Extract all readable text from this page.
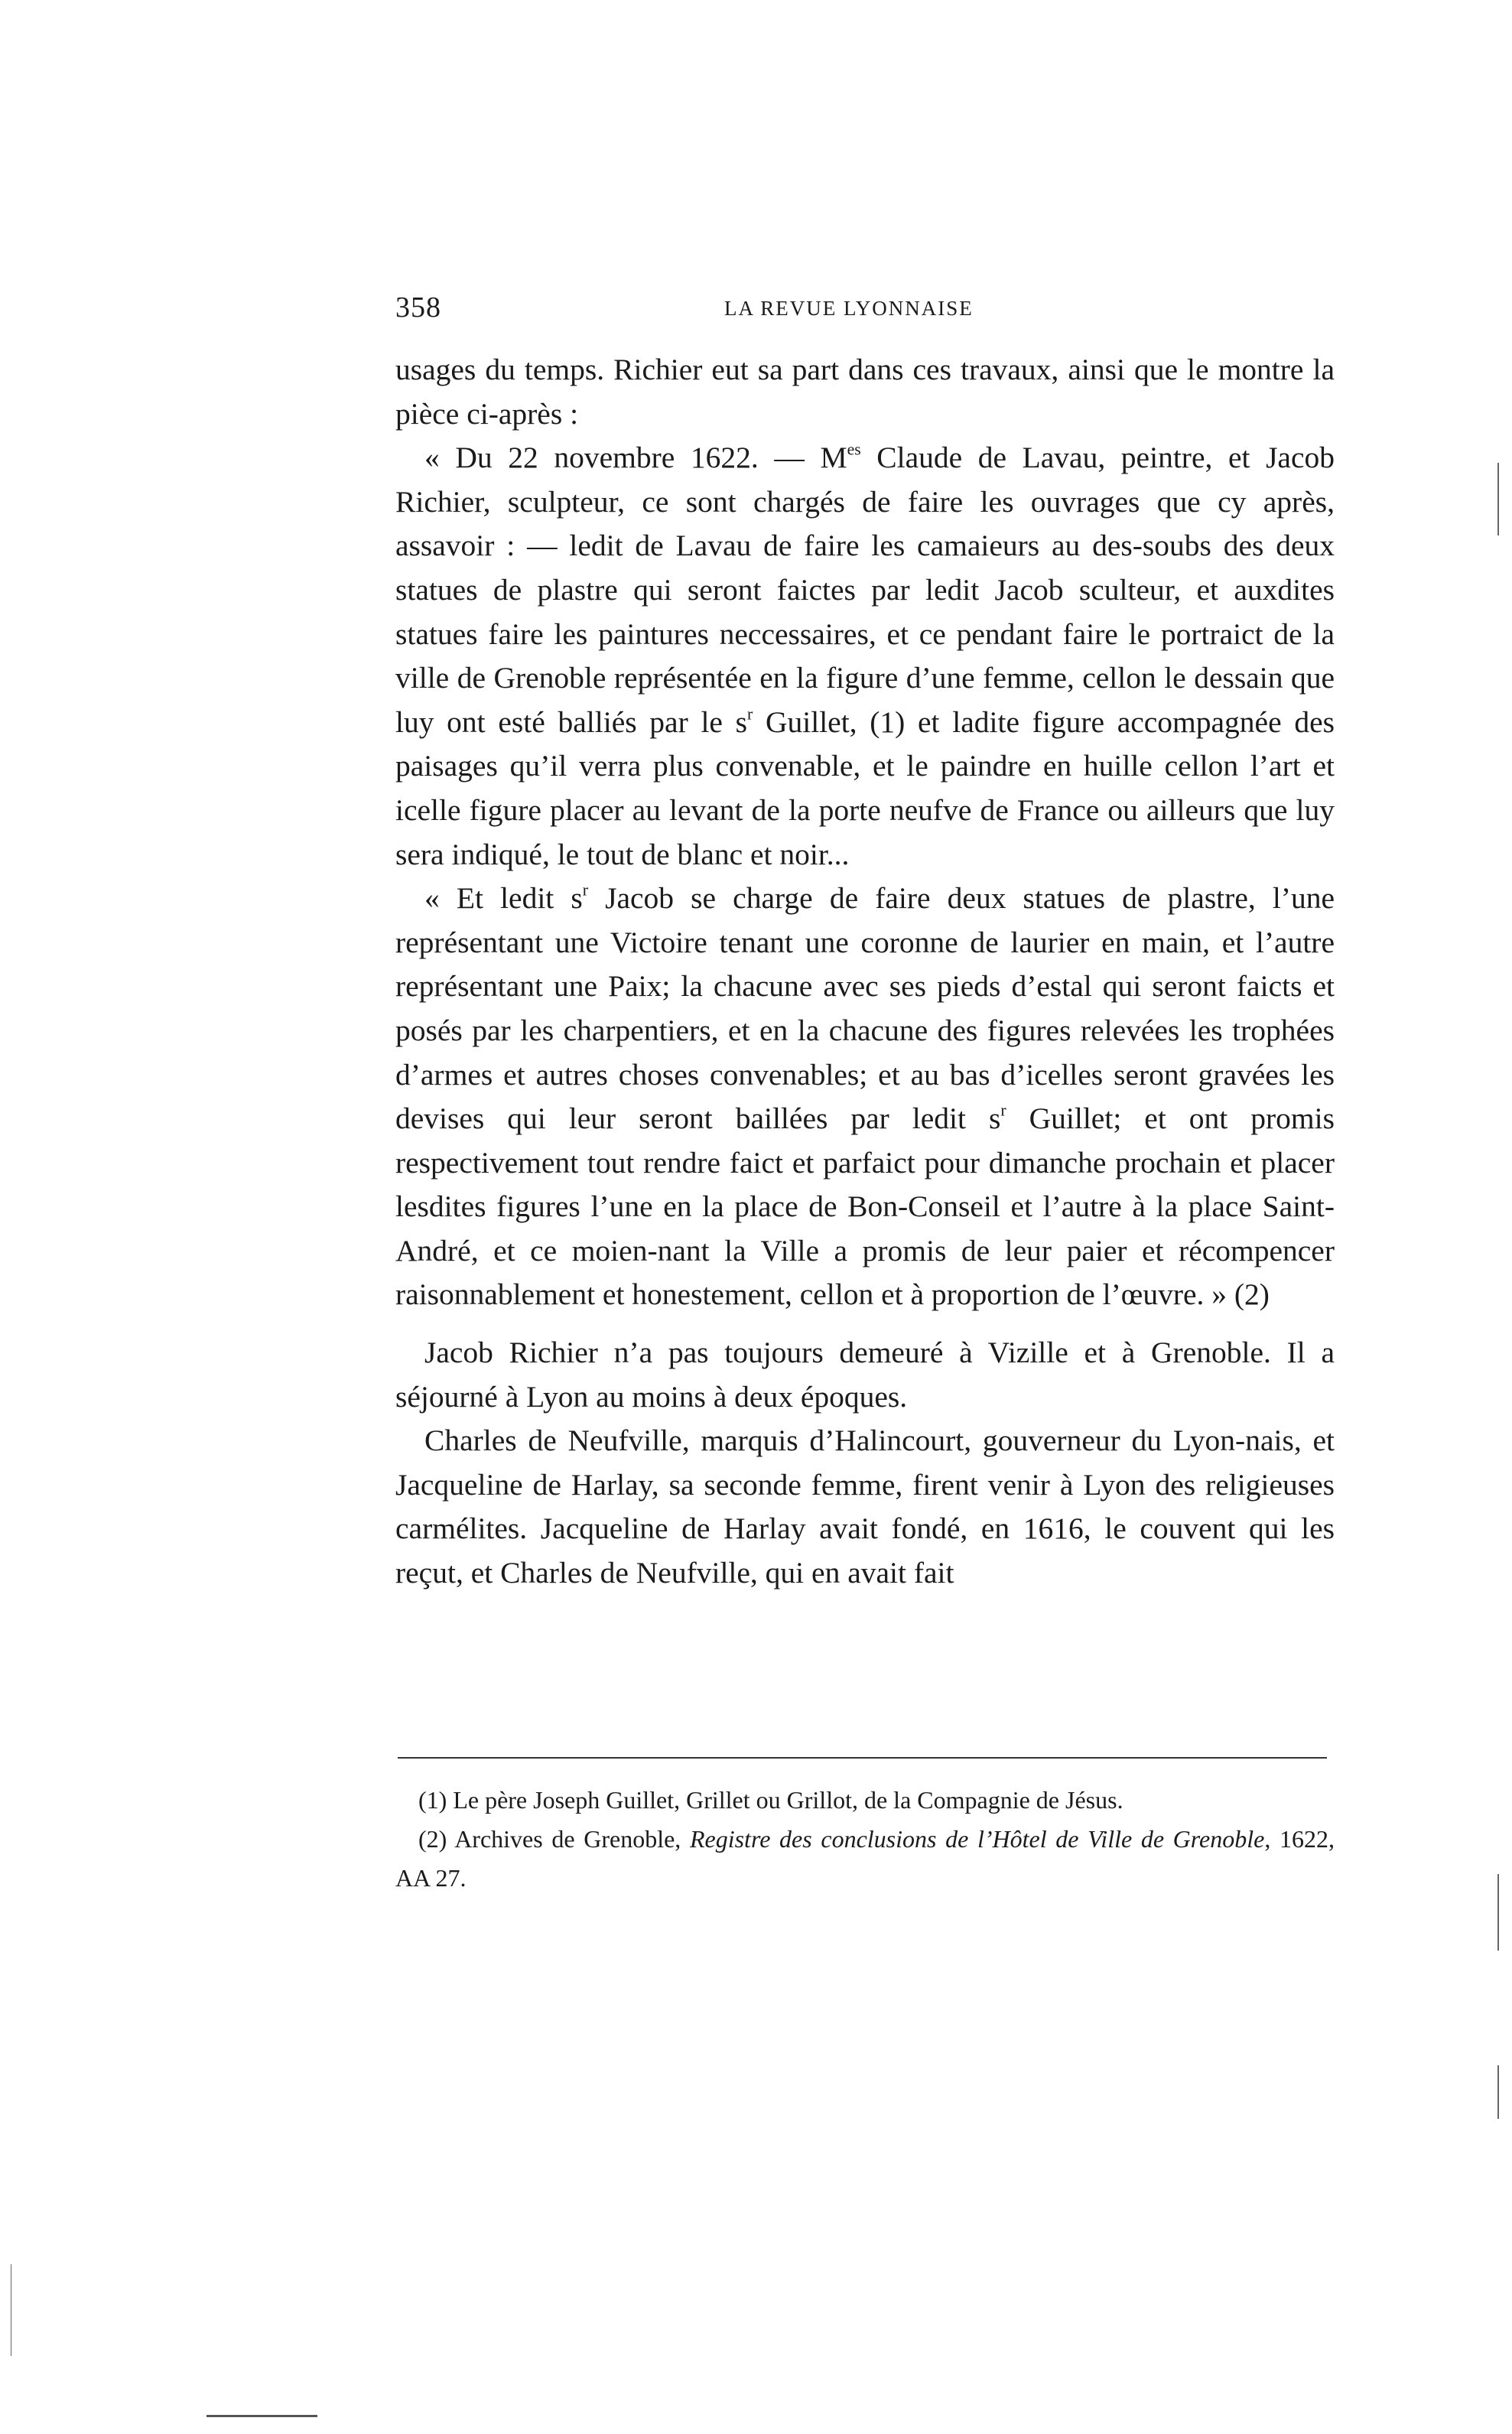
358	LA REVUE LYONNAISE

usages du temps. Richier eut sa part dans ces travaux, ainsi que le montre la pièce ci-après :

« Du 22 novembre 1622. — $M^{es}$ Claude de Lavau, peintre, et Jacob Richier, sculpteur, ce sont chargés de faire les ouvrages que cy après, assavoir : — ledit de Lavau de faire les camaieurs au des-soubs des deux statues de plastre qui seront faictes par ledit Jacob sculteur, et auxdites statues faire les paintures neccessaires, et ce pendant faire le portraict de la ville de Grenoble représentée en la figure d’une femme, cellon le dessain que luy ont esté balliés par le $s^r$ Guillet, (1) et ladite figure accompagnée des paisages qu’il verra plus convenable, et le paindre en huille cellon l’art et icelle figure placer au levant de la porte neufve de France ou ailleurs que luy sera indiqué, le tout de blanc et noir...

« Et ledit $s^r$ Jacob se charge de faire deux statues de plastre, l’une représentant une Victoire tenant une coronne de laurier en main, et l’autre représentant une Paix; la chacune avec ses pieds d’estal qui seront faicts et posés par les charpentiers, et en la chacune des figures relevées les trophées d’armes et autres choses convenables; et au bas d’icelles seront gravées les devises qui leur seront baillées par ledit $s^r$ Guillet; et ont promis respectivement tout rendre faict et parfaict pour dimanche prochain et placer lesdites figures l’une en la place de Bon-Conseil et l’autre à la place Saint-André, et ce moien-nant la Ville a promis de leur paier et récompencer raisonnablement et honestement, cellon et à proportion de l’œuvre. » (2)

Jacob Richier n’a pas toujours demeuré à Vizille et à Grenoble. Il a séjourné à Lyon au moins à deux époques.

Charles de Neufville, marquis d’Halincourt, gouverneur du Lyon-nais, et Jacqueline de Harlay, sa seconde femme, firent venir à Lyon des religieuses carmélites. Jacqueline de Harlay avait fondé, en 1616, le couvent qui les reçut, et Charles de Neufville, qui en avait fait

(1) Le père Joseph Guillet, Grillet ou Grillot, de la Compagnie de Jésus.

(2) Archives de Grenoble, Registre des conclusions de l’Hôtel de Ville de Grenoble, 1622, AA 27.
